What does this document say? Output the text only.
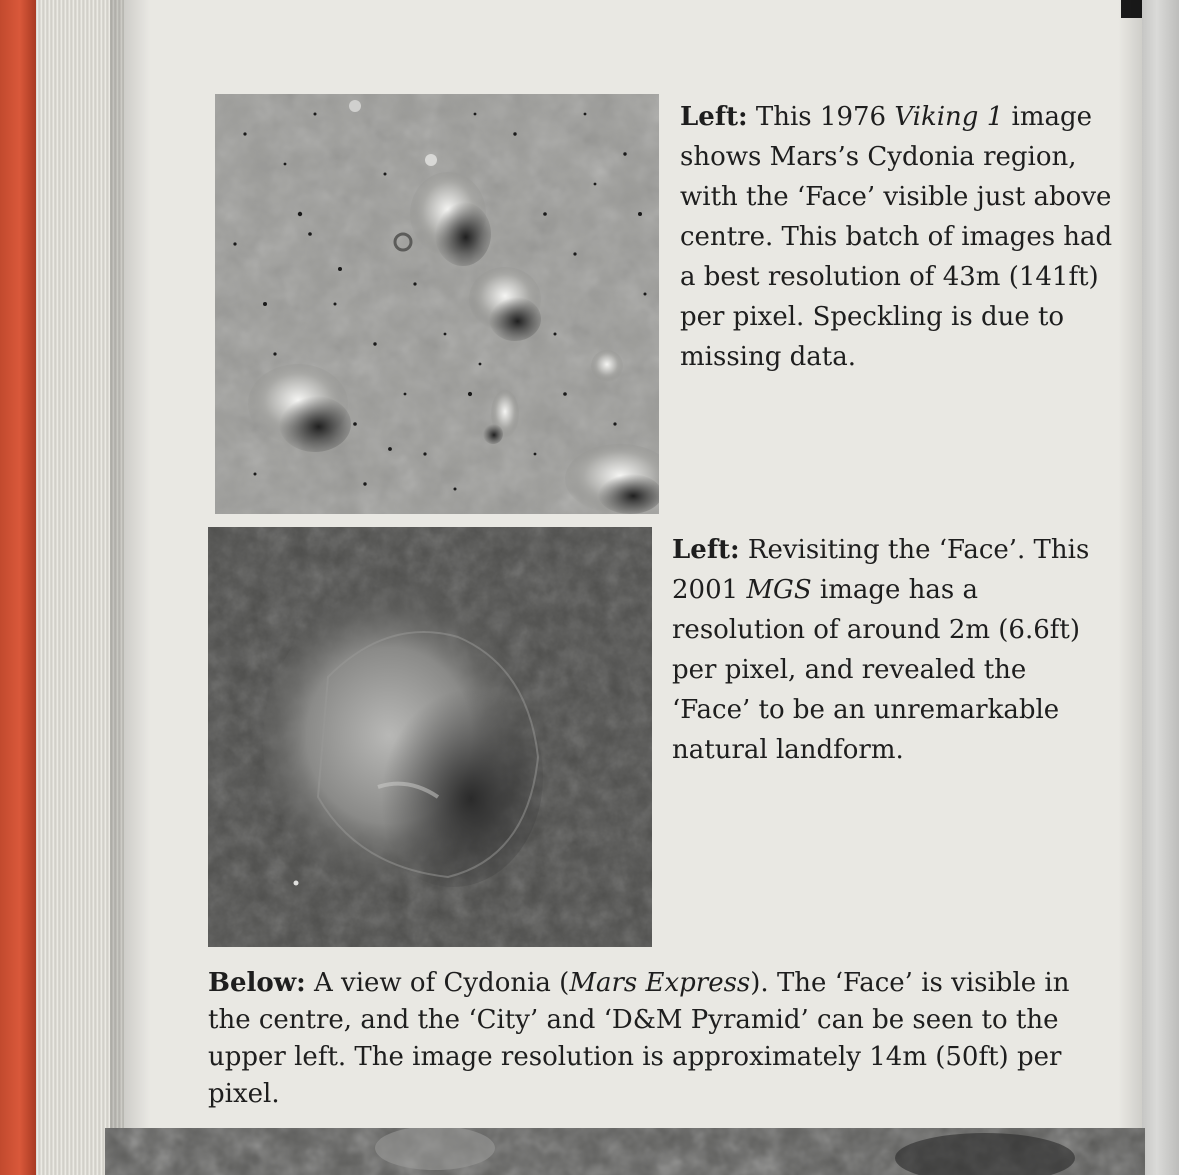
Left: This 1976 Viking 1 image shows Mars’s Cydonia region, with the ‘Face’ visible just above centre. This batch of images had a best resolution of 43m (141ft) per pixel. Speckling is due to missing data.
Left: Revisiting the ‘Face’. This 2001 MGS image has a resolution of around 2m (6.6ft) per pixel, and revealed the ‘Face’ to be an unremarkable natural landform.
Below: A view of Cydonia (Mars Express). The ‘Face’ is visible in the centre, and the ‘City’ and ‘D&M Pyramid’ can be seen to the upper left. The image resolution is approximately 14m (50ft) per pixel.
